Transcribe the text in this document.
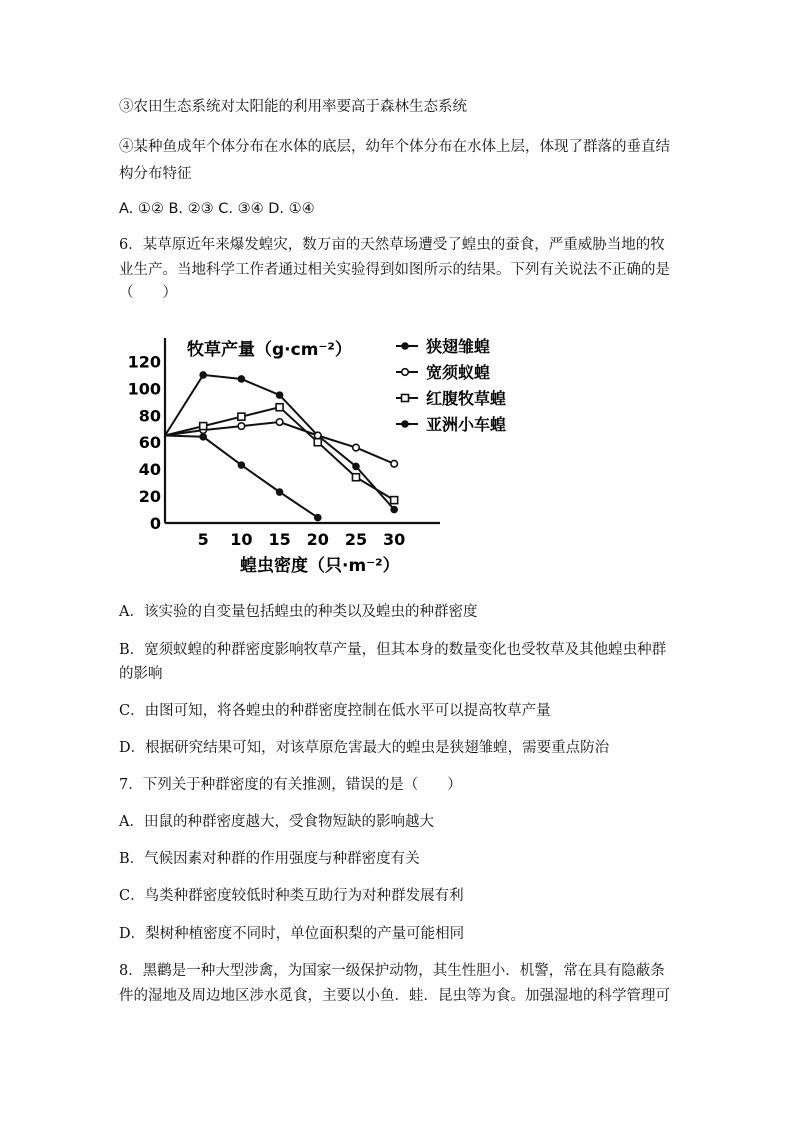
③农田生态系统对太阳能的利用率要高于森林生态系统
④某种鱼成年个体分布在水体的底层，幼年个体分布在水体上层，体现了群落的垂直结
构分布特征
A. ①② B. ②③ C. ③④ D. ①④
6．某草原近年来爆发蝗灾，数万亩的天然草场遭受了蝗虫的蚕食，严重威胁当地的牧
业生产。当地科学工作者通过相关实验得到如图所示的结果。下列有关说法不正确的是
（　　）
A．该实验的自变量包括蝗虫的种类以及蝗虫的种群密度
B．宽须蚁蝗的种群密度影响牧草产量，但其本身的数量变化也受牧草及其他蝗虫种群
的影响
C．由图可知，将各蝗虫的种群密度控制在低水平可以提高牧草产量
D．根据研究结果可知，对该草原危害最大的蝗虫是狭翅雏蝗，需要重点防治
7．下列关于种群密度的有关推测，错误的是（　　）
A．田鼠的种群密度越大，受食物短缺的影响越大
B．气候因素对种群的作用强度与种群密度有关
C．鸟类种群密度较低时种类互助行为对种群发展有利
D．梨树种植密度不同时，单位面积梨的产量可能相同
8．黑鹳是一种大型涉禽，为国家一级保护动物，其生性胆小．机警，常在具有隐蔽条
件的湿地及周边地区涉水觅食，主要以小鱼．蛙．昆虫等为食。加强湿地的科学管理可
0
20
40
60
80
100
120
5 10 15 20 25 30
狭翅雏蝗
宽须蚁蝗
红腹牧草蝗
亚洲小车蝗
牧草产量（g·cm⁻²）
蝗虫密度（只·m⁻²）
